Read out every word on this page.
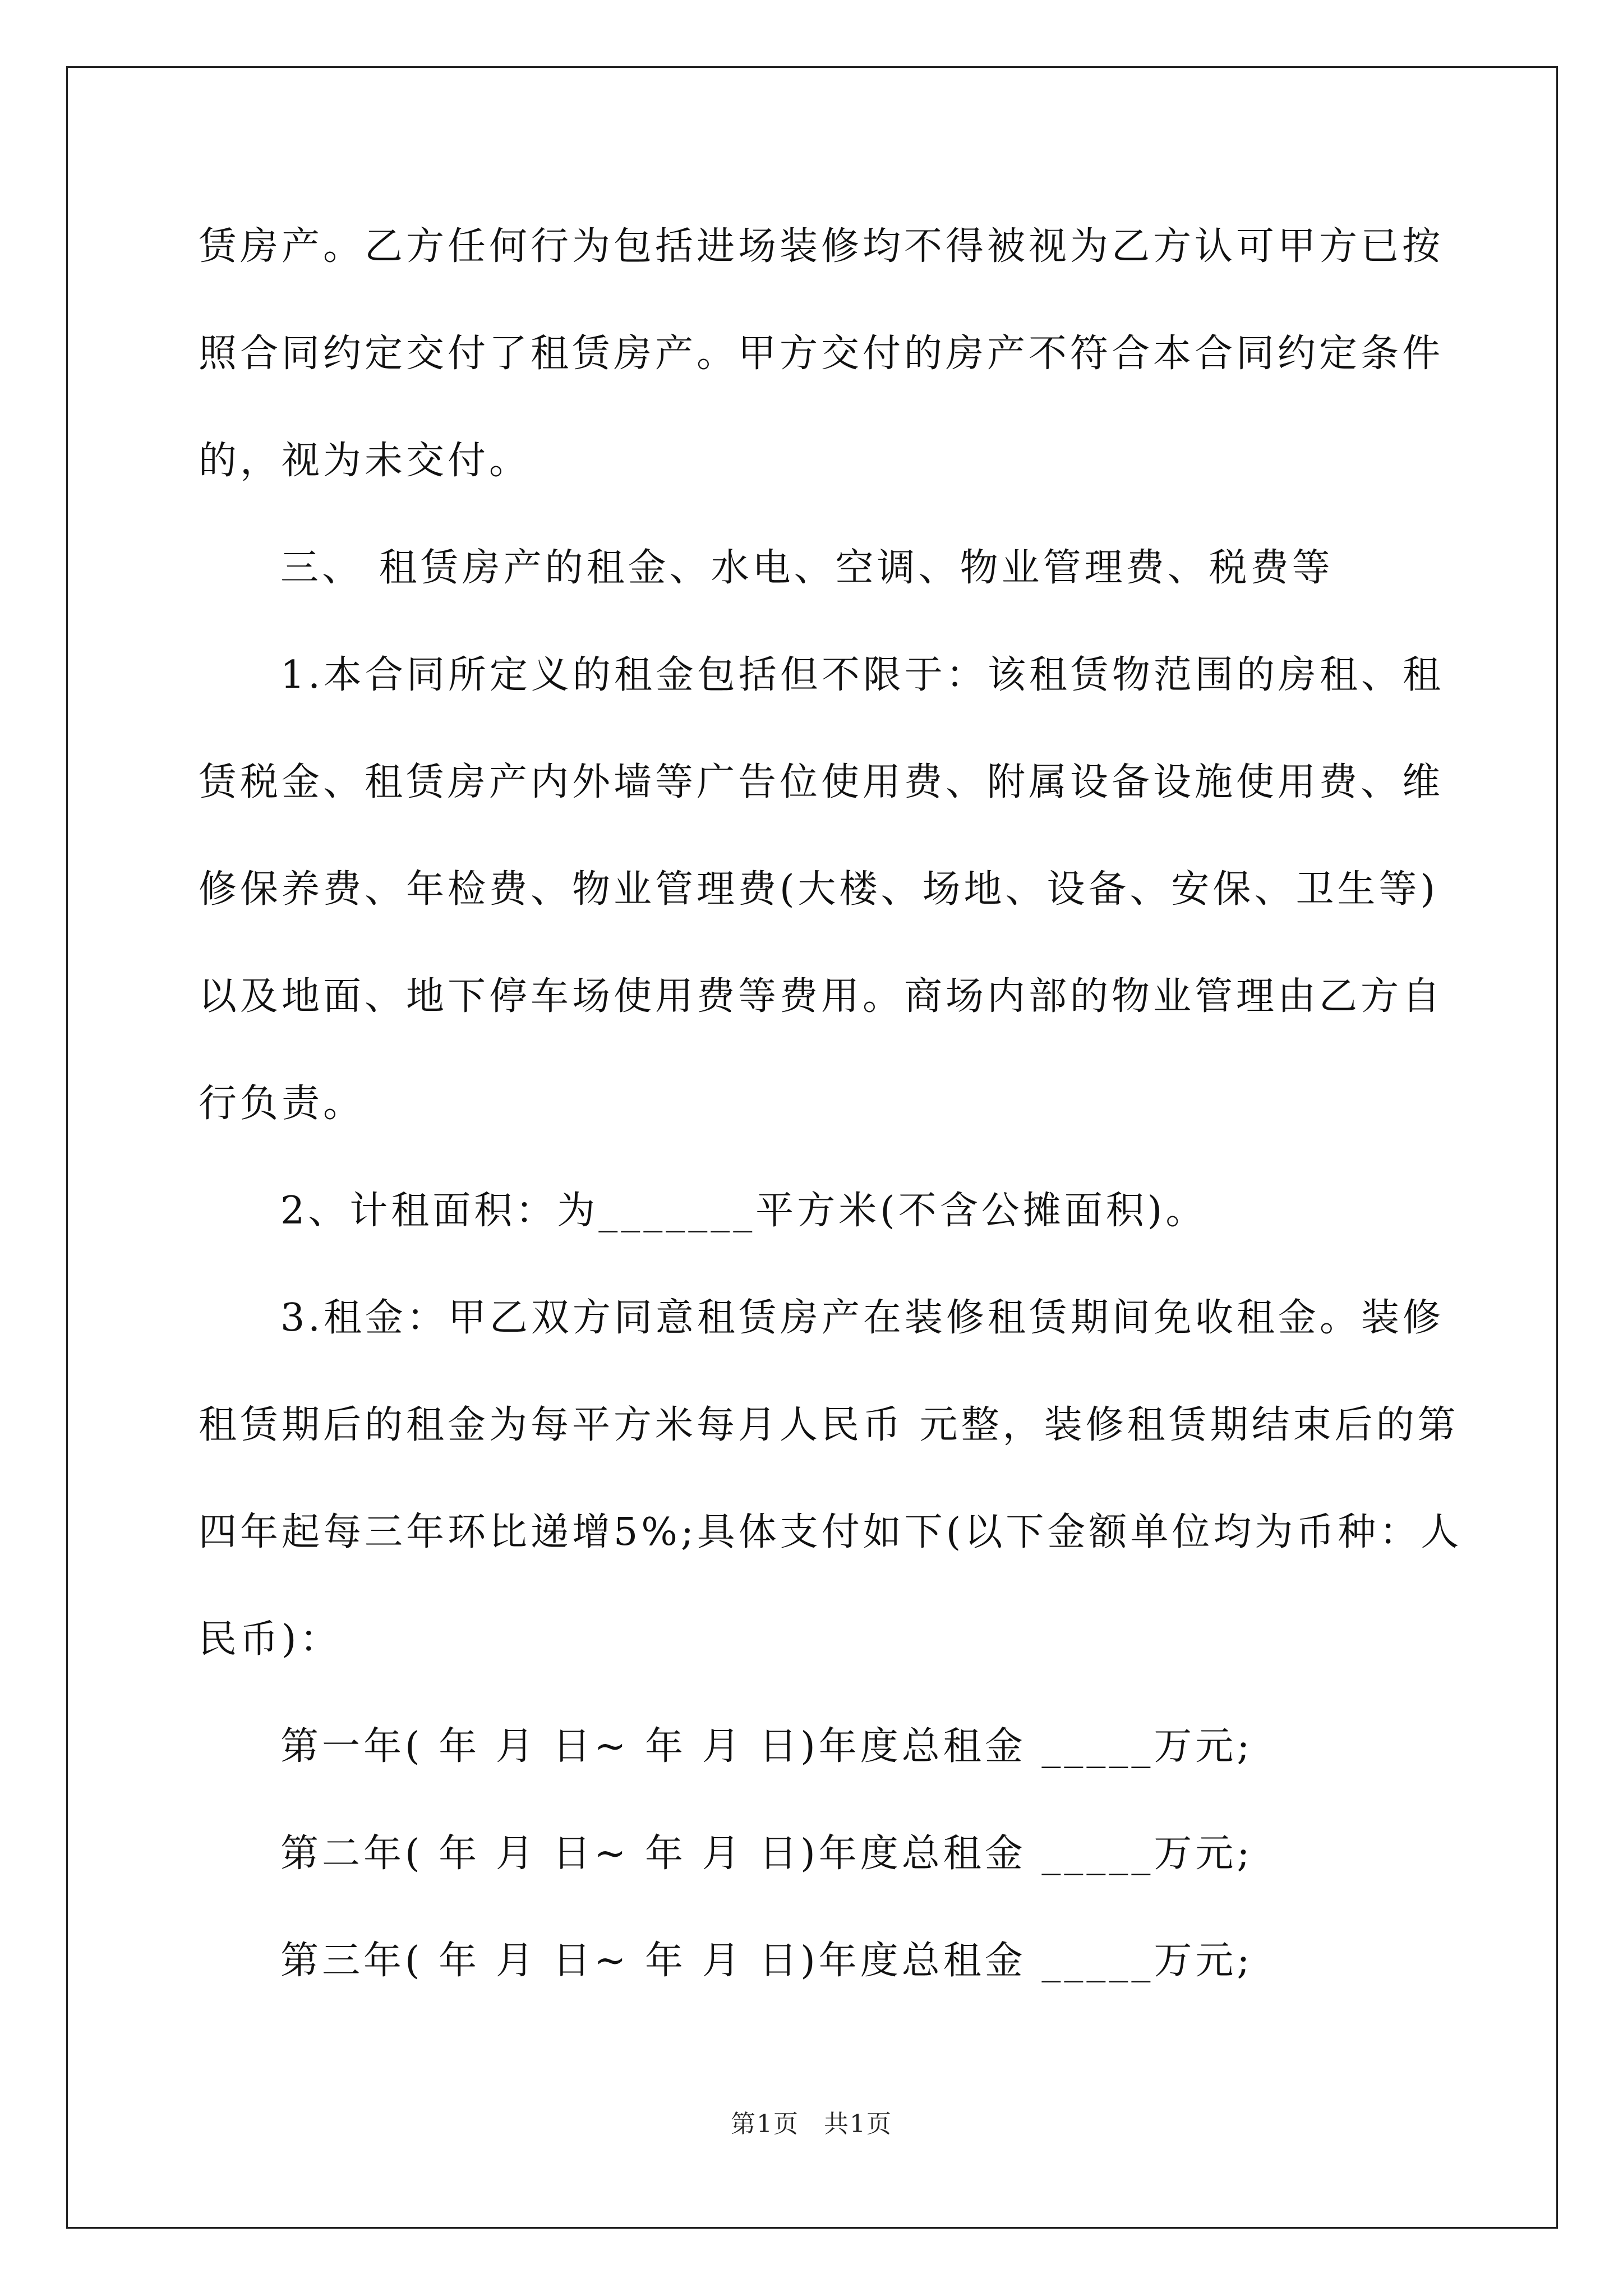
赁房产。乙方任何行为包括进场装修均不得被视为乙方认可甲方已按
照合同约定交付了租赁房产。甲方交付的房产不符合本合同约定条件
的，视为未交付。
三、 租赁房产的租金、水电、空调、物业管理费、税费等
1.本合同所定义的租金包括但不限于：该租赁物范围的房租、租
赁税金、租赁房产内外墙等广告位使用费、附属设备设施使用费、维
修保养费、年检费、物业管理费(大楼、场地、设备、安保、卫生等)
以及地面、地下停车场使用费等费用。商场内部的物业管理由乙方自
行负责。
2、计租面积：为_______平方米(不含公摊面积)。
3.租金：甲乙双方同意租赁房产在装修租赁期间免收租金。装修
租赁期后的租金为每平方米每月人民币 元整，装修租赁期结束后的第
四年起每三年环比递增5%;具体支付如下(以下金额单位均为币种：人
民币)：
第一年( 年 月 日~ 年 月 日)年度总租金 _____万元;
第二年( 年 月 日~ 年 月 日)年度总租金 _____万元;
第三年( 年 月 日~ 年 月 日)年度总租金 _____万元;
第1页 共1页
